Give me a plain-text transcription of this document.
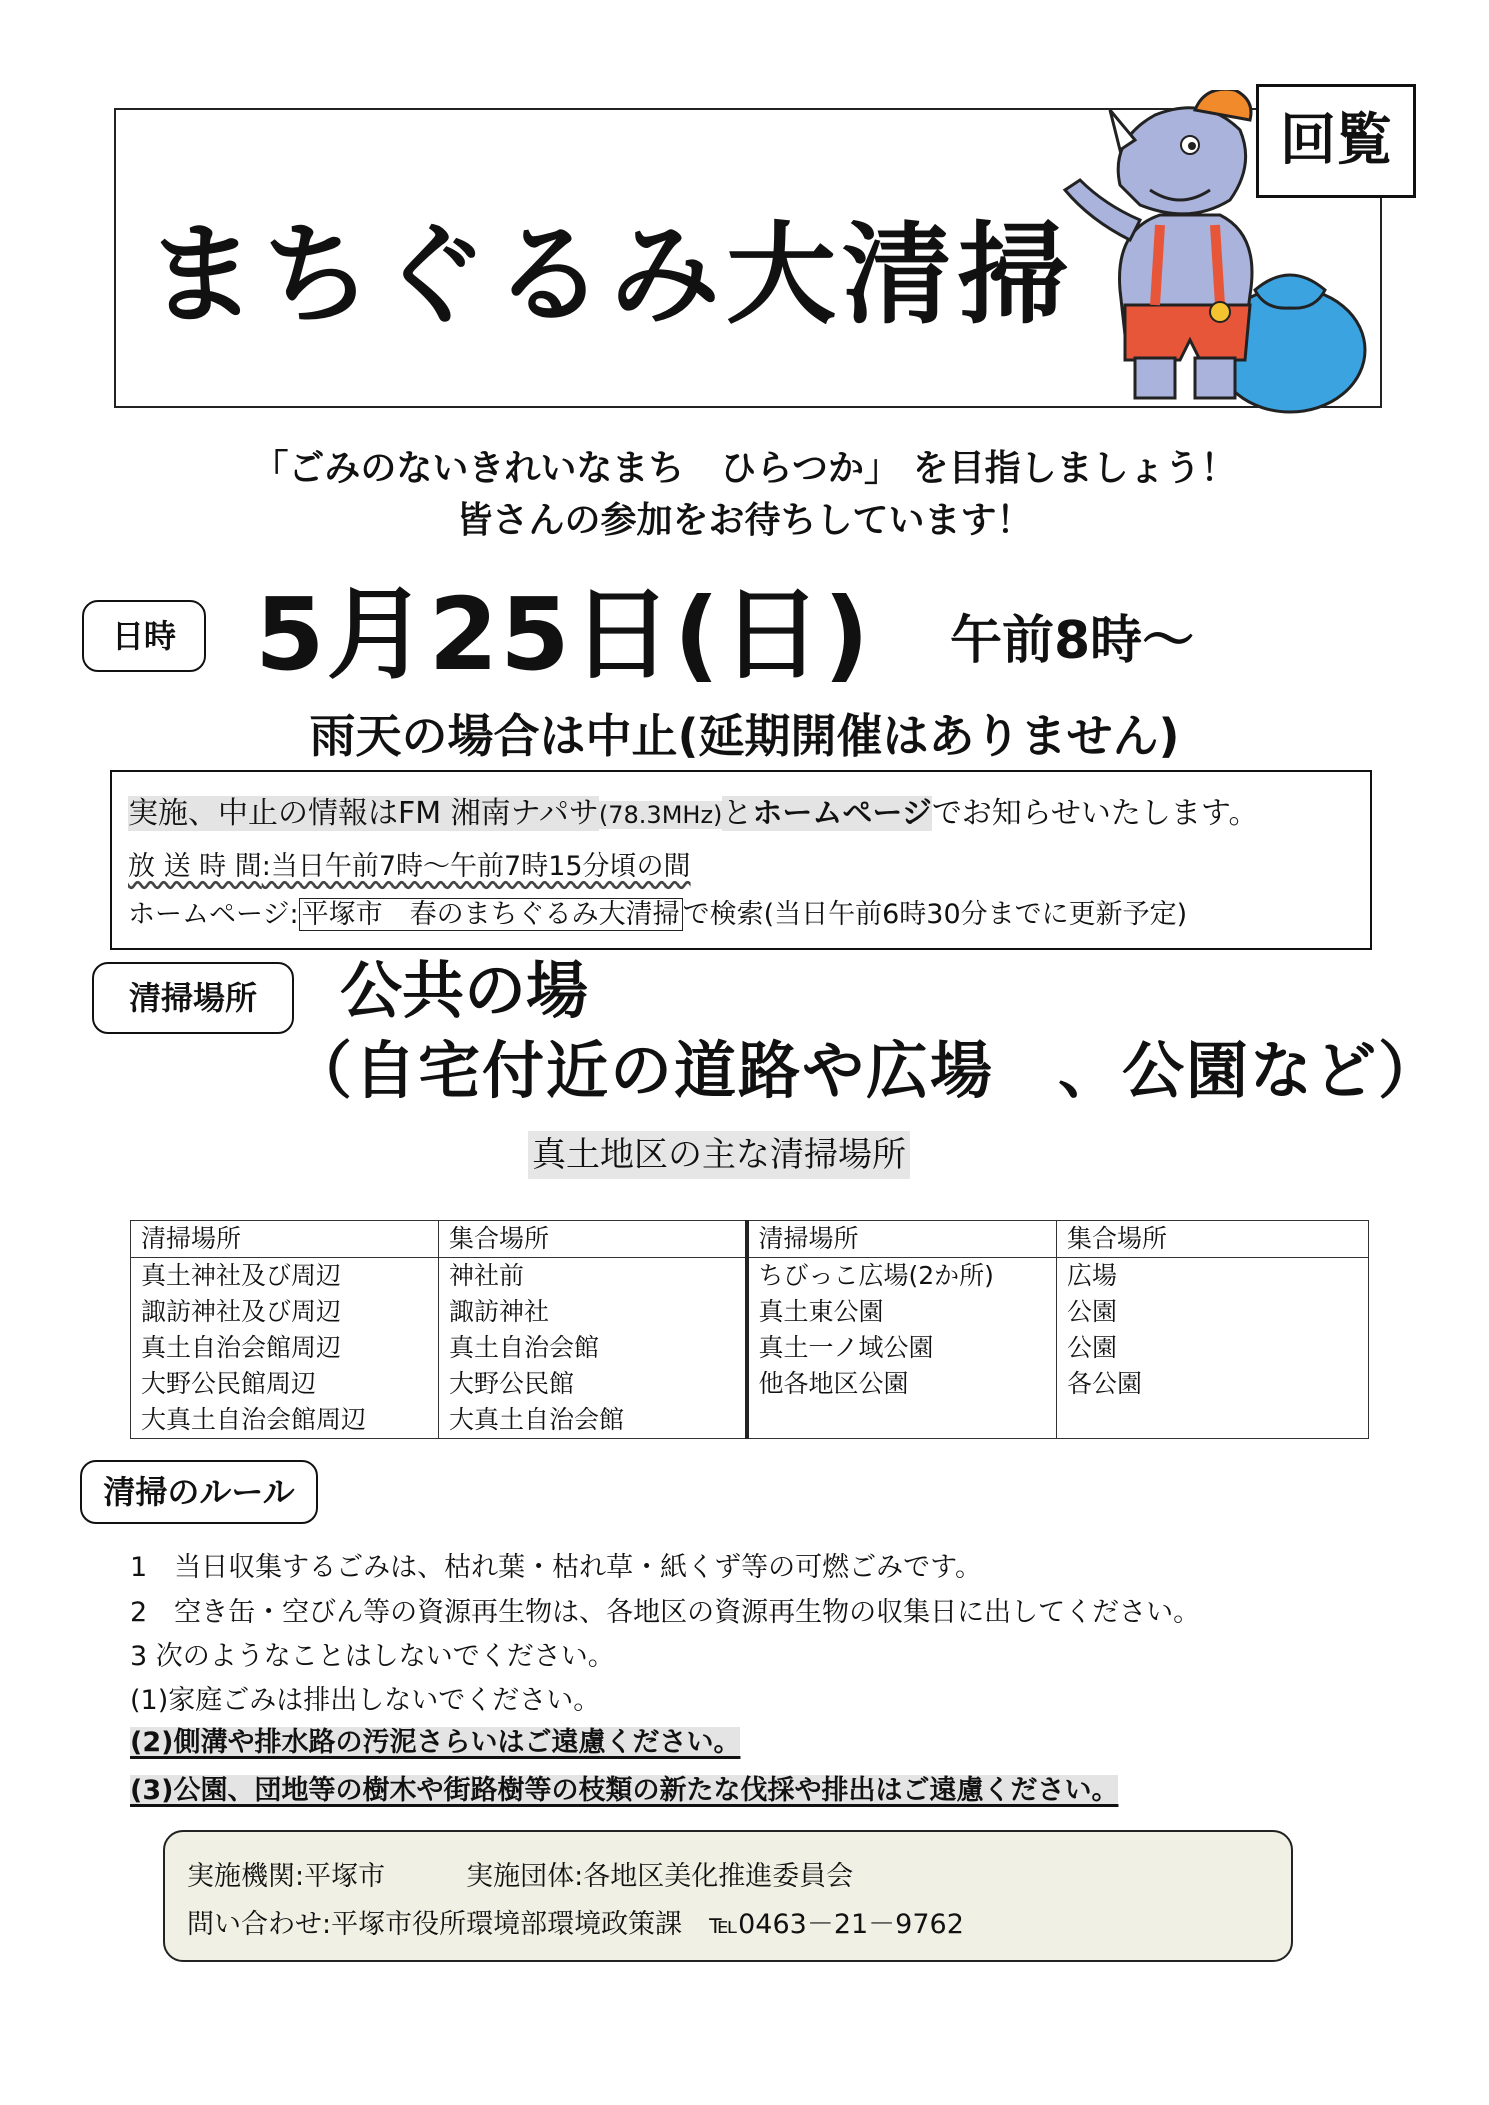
まちぐるみ大清掃
回覧
「ごみのないきれいなまち　ひらつか」 を目指しましょう！
皆さんの参加をお待ちしています！
日時 5月25日(日) 午前8時～
雨天の場合は中止(延期開催はありません)
実施、中止の情報はFM 湘南ナパサ(78.3MHz)とホームページでお知らせいたします。
放 送 時 間:当日午前7時～午前7時15分頃の間
ホームページ: 平塚市　春のまちぐるみ大清掃 で検索(当日午前6時30分までに更新予定)
清掃場所	公共の場
（自宅付近の道路や広場　、公園など）
真土地区の主な清掃場所
清掃場所	集合場所	清掃場所	集合場所
真土神社及び周辺	神社前	ちびっこ広場(2か所)	広場
諏訪神社及び周辺	諏訪神社	真土東公園	公園
真土自治会館周辺	真土自治会館	真土一ノ域公園	公園
大野公民館周辺	大野公民館	他各地区公園	各公園
大真土自治会館周辺	大真土自治会館		
清掃のルール
1　当日収集するごみは、枯れ葉・枯れ草・紙くず等の可燃ごみです。
2　空き缶・空びん等の資源再生物は、各地区の資源再生物の収集日に出してください。
3 次のようなことはしないでください。
(1)家庭ごみは排出しないでください。
(2)側溝や排水路の汚泥さらいはご遠慮ください。
(3)公園、団地等の樹木や街路樹等の枝類の新たな伐採や排出はご遠慮ください。
実施機関:平塚市　　　実施団体:各地区美化推進委員会
問い合わせ:平塚市役所環境部環境政策課　℡0463－21－9762
